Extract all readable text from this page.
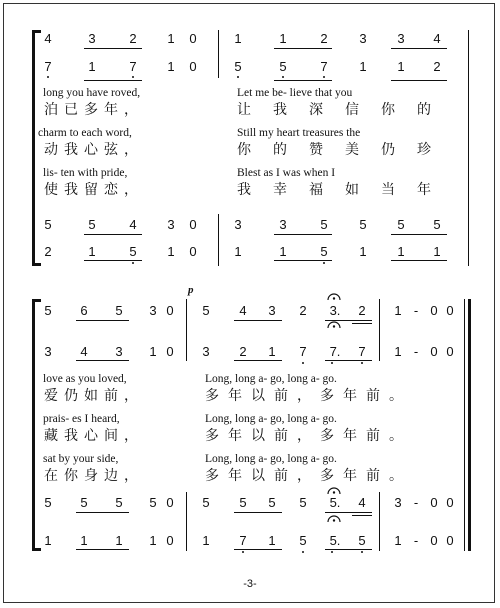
4	3	2	1	0	1	1	2	3	3	4
7	1	7	1	0	5	5	7	1	1	2
long you have roved,	Let me be- lieve that you
泊已多年，	让我深信你的
charm to each word,	Still my heart treasures the
动我心弦，	你的赞美仍珍
lis- ten with pride,	Blest as I was when I
使我留恋，	我幸福如当年
5	5	4	3	0	3	3	5	5	5	5
2	1	5	1	0	1	1	5	1	1	1
p
5	6	5	3 0	5	4	3	2	3.	2	1 - 0 0
3	4	3	1 0	3	2	1	7	7.	7	1 - 0 0
love as you loved,	Long, long a- go, long a- go.
爱仍如前，	多年以前，多年前。
prais- es I heard,	Long, long a- go, long a- go.
藏我心间，	多年以前，多年前。
sat by your side,	Long, long a- go, long a- go.
在你身边，	多年以前，多年前。
5	5	5	5 0	5	5	5	5	5.	4	3 - 0 0
1	1	1	1 0	1	7	1	5	5.	5	1 - 0 0
-3-
